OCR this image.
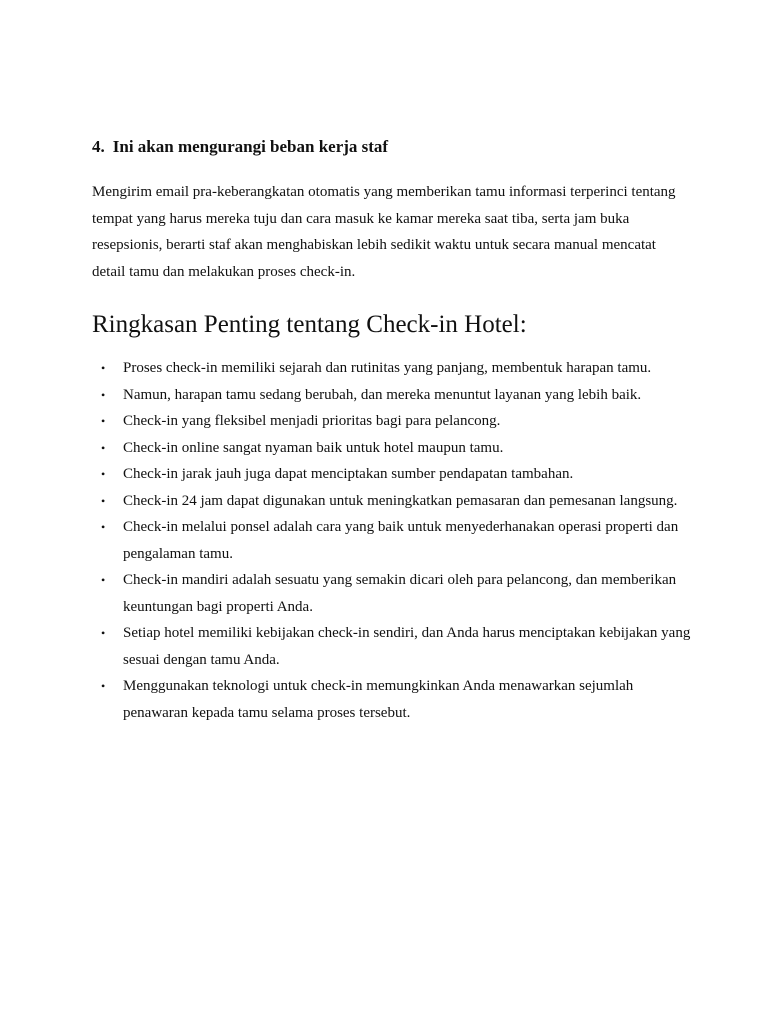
4. Ini akan mengurangi beban kerja staf

Mengirim email pra-keberangkatan otomatis yang memberikan tamu informasi terperinci tentang tempat yang harus mereka tuju dan cara masuk ke kamar mereka saat tiba, serta jam buka resepsionis, berarti staf akan menghabiskan lebih sedikit waktu untuk secara manual mencatat detail tamu dan melakukan proses check-in.

Ringkasan Penting tentang Check-in Hotel:
• Proses check-in memiliki sejarah dan rutinitas yang panjang, membentuk harapan tamu.
• Namun, harapan tamu sedang berubah, dan mereka menuntut layanan yang lebih baik.
• Check-in yang fleksibel menjadi prioritas bagi para pelancong.
• Check-in online sangat nyaman baik untuk hotel maupun tamu.
• Check-in jarak jauh juga dapat menciptakan sumber pendapatan tambahan.
• Check-in 24 jam dapat digunakan untuk meningkatkan pemasaran dan pemesanan langsung.
• Check-in melalui ponsel adalah cara yang baik untuk menyederhanakan operasi properti dan pengalaman tamu.
• Check-in mandiri adalah sesuatu yang semakin dicari oleh para pelancong, dan memberikan keuntungan bagi properti Anda.
• Setiap hotel memiliki kebijakan check-in sendiri, dan Anda harus menciptakan kebijakan yang sesuai dengan tamu Anda.
• Menggunakan teknologi untuk check-in memungkinkan Anda menawarkan sejumlah penawaran kepada tamu selama proses tersebut.
